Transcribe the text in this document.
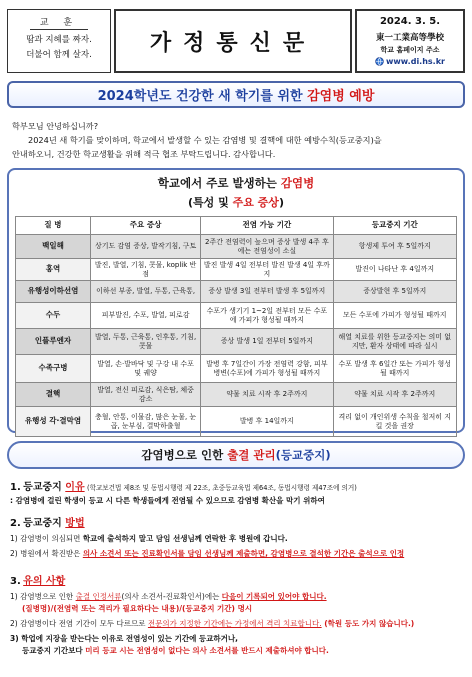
교 훈
땀과 지혜를 짜자.
더불어 함께 살자.	가정통신문
2024. 3. 5.
東一工業高等學校
학교 홈페이지 주소
www.di.hs.kr
2024학년도 건강한 새 학기를 위한 감염병 예방

학부모님 안녕하십니까?

2024년 새 학기를 맞이하며, 학교에서 발생할 수 있는 감염병 및 결핵에 대한 예방수칙(등교중지)을

안내하오니, 건강한 학교생활을 위해 적극 협조 부탁드립니다. 감사합니다.

학교에서 주로 발생하는 감염병
(특성 및 주요 증상)
질 병	주요 증상	전염 가능 기간	등교중지 기간
백일해	상기도 감염 증상, 발작기침, 구토	2주간 전염력이 높으며 증상 발생 4주 후에는 전염성이 소실	항생제 투여 후 5일까지
홍역	발진, 발열, 기침, 콧물, koplik 반점	발진 발생 4일 전부터 발진 발생 4일 후까지	발진이 나타난 후 4일까지
유행성이하선염	이하선 부종, 발열, 두통, 근육통,	증상 발생 3일 전부터 발생 후 5일까지	증상발현 후 5일까지
수두	피부발진, 수포, 발열, 피로감	수포가 생기기 1~2일 전부터 모든 수포에 가피가 형성될 때까지	모든 수포에 가피가 형성될 때까지
인플루엔자	발열, 두통, 근육통, 인후통, 기침, 콧물	증상 발생 1일 전부터 5일까지	해열 치료를 위한 등교중지는 의미 없지만, 환자 상태에 따라 실시
수족구병	발열, 손·발바닥 및 구강 내 수포 및 궤양	발병 후 7일간이 가장 전염력 강함, 피부병변(수포)에 가피가 형성될 때까지	수포 발생 후 6일간 또는 가피가 형성될 때까지
결핵	발열, 전신 피로감, 식은땀, 체중 감소	약물 치료 시작 후 2주까지	약물 치료 시작 후 2주까지
유행성 각·결막염	충혈, 안통, 이물감, 많은 눈물, 눈곱, 눈부심, 결막하출혈	발병 후 14일까지	격리 없이 개인위생 수칙을 철저히 지킬 것을 권장
감염병으로 인한 출결 관리(등교중지)
1. 등교중지 이유 (학교보건법 제8조 및 동법시행령 제 22조, 초중등교육법 제64조, 동법시행령 제47조에 의거)
: 감염병에 걸린 학생이 등교 시 다른 학생들에게 전염될 수 있으므로 감염병 확산을 막기 위하여
2. 등교중지 방법
1) 감염병이 의심되면 학교에 출석하지 말고 담임 선생님께 연락한 후 병원에 갑니다.
2) 병원에서 확진받은 의사 소견서 또는 진료확인서를 담임 선생님께 제출하면, 감염병으로 결석한 기간은 출석으로 인정
3. 유의 사항
1) 감염병으로 인한 출결 인정서류(의사 소견서-진료확인서)에는 다음이 기록되어 있어야 합니다.
(질병명)/(전염력 또는 격리가 필요하다는 내용)/(등교중지 기간) 명시
2) 감염병이다 전염 기간이 모두 다르므로 전문의가 지정한 기간에는 가정에서 격리 치료합니다. (학원 등도 가지 않습니다.)
3) 학업에 지장을 받는다는 이유로 전염성이 있는 기간에 등교하거나,
등교중지 기간보다 미리 등교 시는 전염성이 없다는 의사 소견서를 반드시 제출하셔야 합니다.
